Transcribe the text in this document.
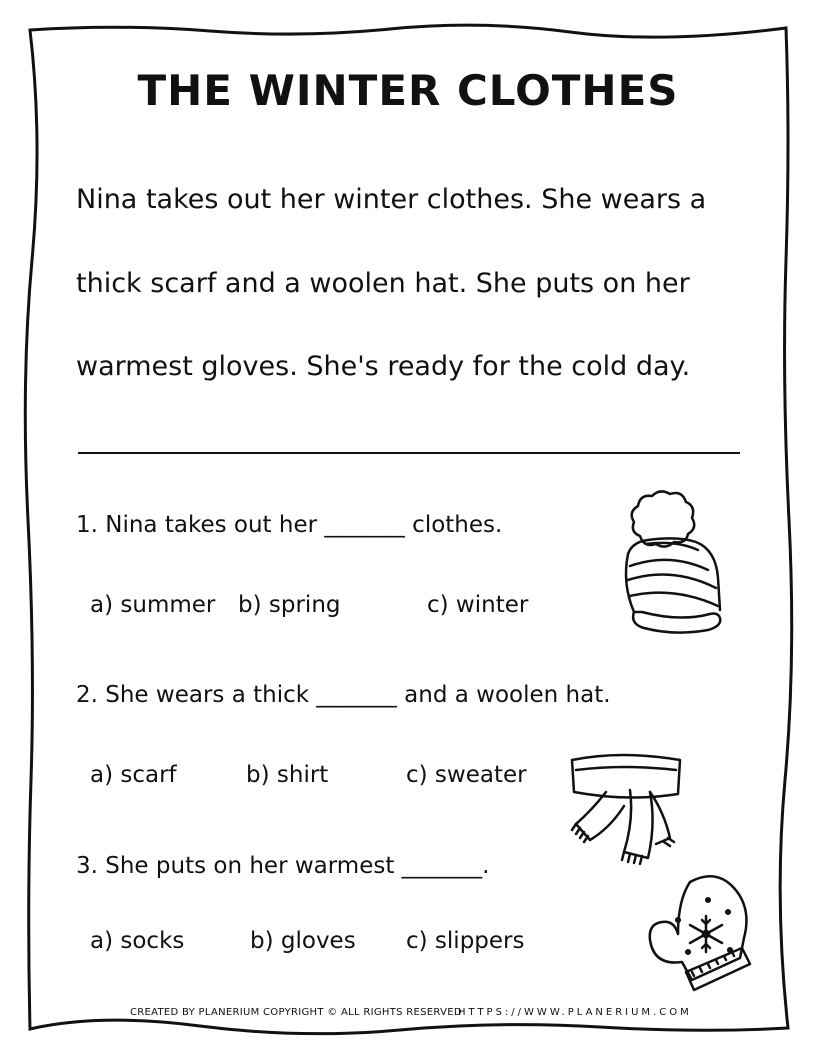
THE WINTER CLOTHES
Nina takes out her winter clothes. She wears a
thick scarf and a woolen hat. She puts on her
warmest gloves. She's ready for the cold day.
1. Nina takes out her _______ clothes.
a) summer b) spring	c) winter
2. She wears a thick _______ and a woolen hat.
a) scarf	b) shirt	c) sweater
3. She puts on her warmest _______.
a) socks	b) gloves c) slippers
CREATED BY PLANERIUM COPYRIGHT © ALL RIGHTS RESERVED
HTTPS://WWW.PLANERIUM.COM
